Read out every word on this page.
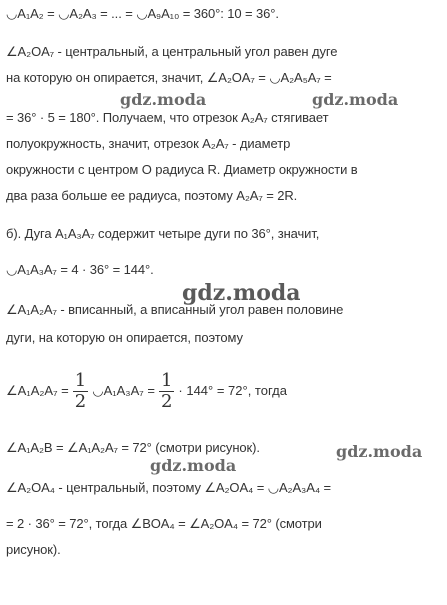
◡A₁A₂ = ◡A₂A₃ = ... = ◡A₉A₁₀ = 360°: 10 = 36°.
∠A₂OA₇ - центральный, а центральный угол равен дуге
на которую он опирается, значит, ∠A₂OA₇ = ◡A₂A₅A₇ =
= 36° · 5 = 180°. Получаем, что отрезок A₂A₇ стягивает
полуокружность, значит, отрезок A₂A₇ - диаметр
окружности с центром O радиуса R. Диаметр окружности в
два раза больше ее радиуса, поэтому A₂A₇ = 2R.
б). Дуга A₁A₃A₇ содержит четыре дуги по 36°, значит,
◡A₁A₃A₇ = 4 · 36° = 144°.
∠A₁A₂A₇ - вписанный, а вписанный угол равен половине
дуги, на которую он опирается, поэтому
∠A₁A₂A₇ = $\frac{1}{2}$ ◡A₁A₃A₇ = $\frac{1}{2} \cdot 144^\circ = 72^\circ$, тогда
∠A₁A₂B = ∠A₁A₂A₇ = 72° (смотри рисунок).
∠A₂OA₄ - центральный, поэтому ∠A₂OA₄ = ◡A₂A₃A₄ =
= 2 · 36° = 72°, тогда ∠BOA₄ = ∠A₂OA₄ = 72° (смотри
рисунок).
gdz.moda	gdz.moda
gdz.moda
gdz.moda
gdz.moda
